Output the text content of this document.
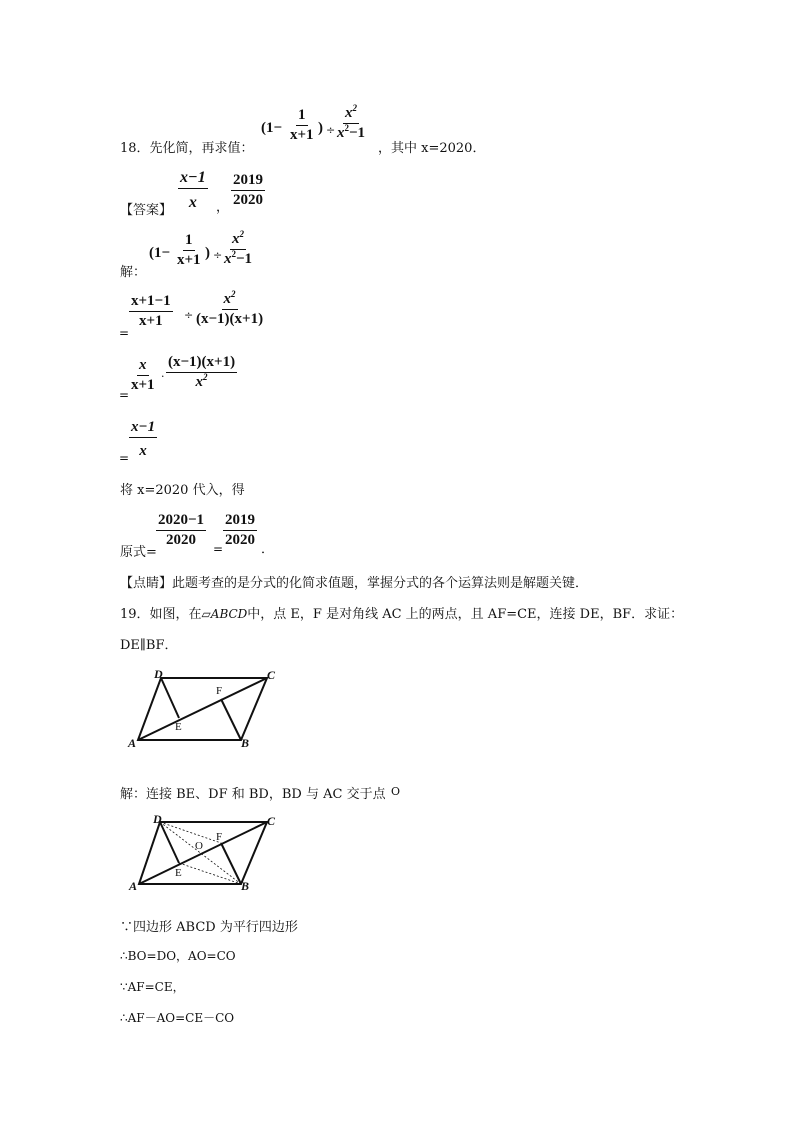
18．先化简，再求值：
($1- \frac{1}{x+1}$ ) ÷ $\frac{x^2}{x^2-1}$
，其中 x=2020．
【答案】 $\frac{x-1}{x}$ ， $\frac{2019}{2020}$
解：
($1- \frac{1}{x+1}$ ) ÷ $\frac{x^2}{x^2-1}$
=
$\frac{x+1-1}{x+1} \div \frac{x^2}{(x-1)(x+1)}$
=
$\frac{x}{x+1} \cdot \frac{(x-1)(x+1)}{x^2}$
= $\frac{x-1}{x}$
将 x=2020 代入，得
原式=
$\frac{2020-1}{2020}$
=
$\frac{2019}{2020}$
．
【点睛】此题考查的是分式的化简求值题，掌握分式的各个运算法则是解题关键．
19．如图，在▱ABCD中，点 E，F 是对角线 AC 上的两点，且 AF=CE，连接 DE，BF．求证：
DE∥BF．
D	C
A	B
E
F
解：连接 BE、DF 和 BD，BD 与 AC 交于点 O
D	C
A	B
E
F
O
∵四边形 ABCD 为平行四边形
∴BO=DO，AO=CO
∵AF=CE，
∴AF－AO=CE－CO
